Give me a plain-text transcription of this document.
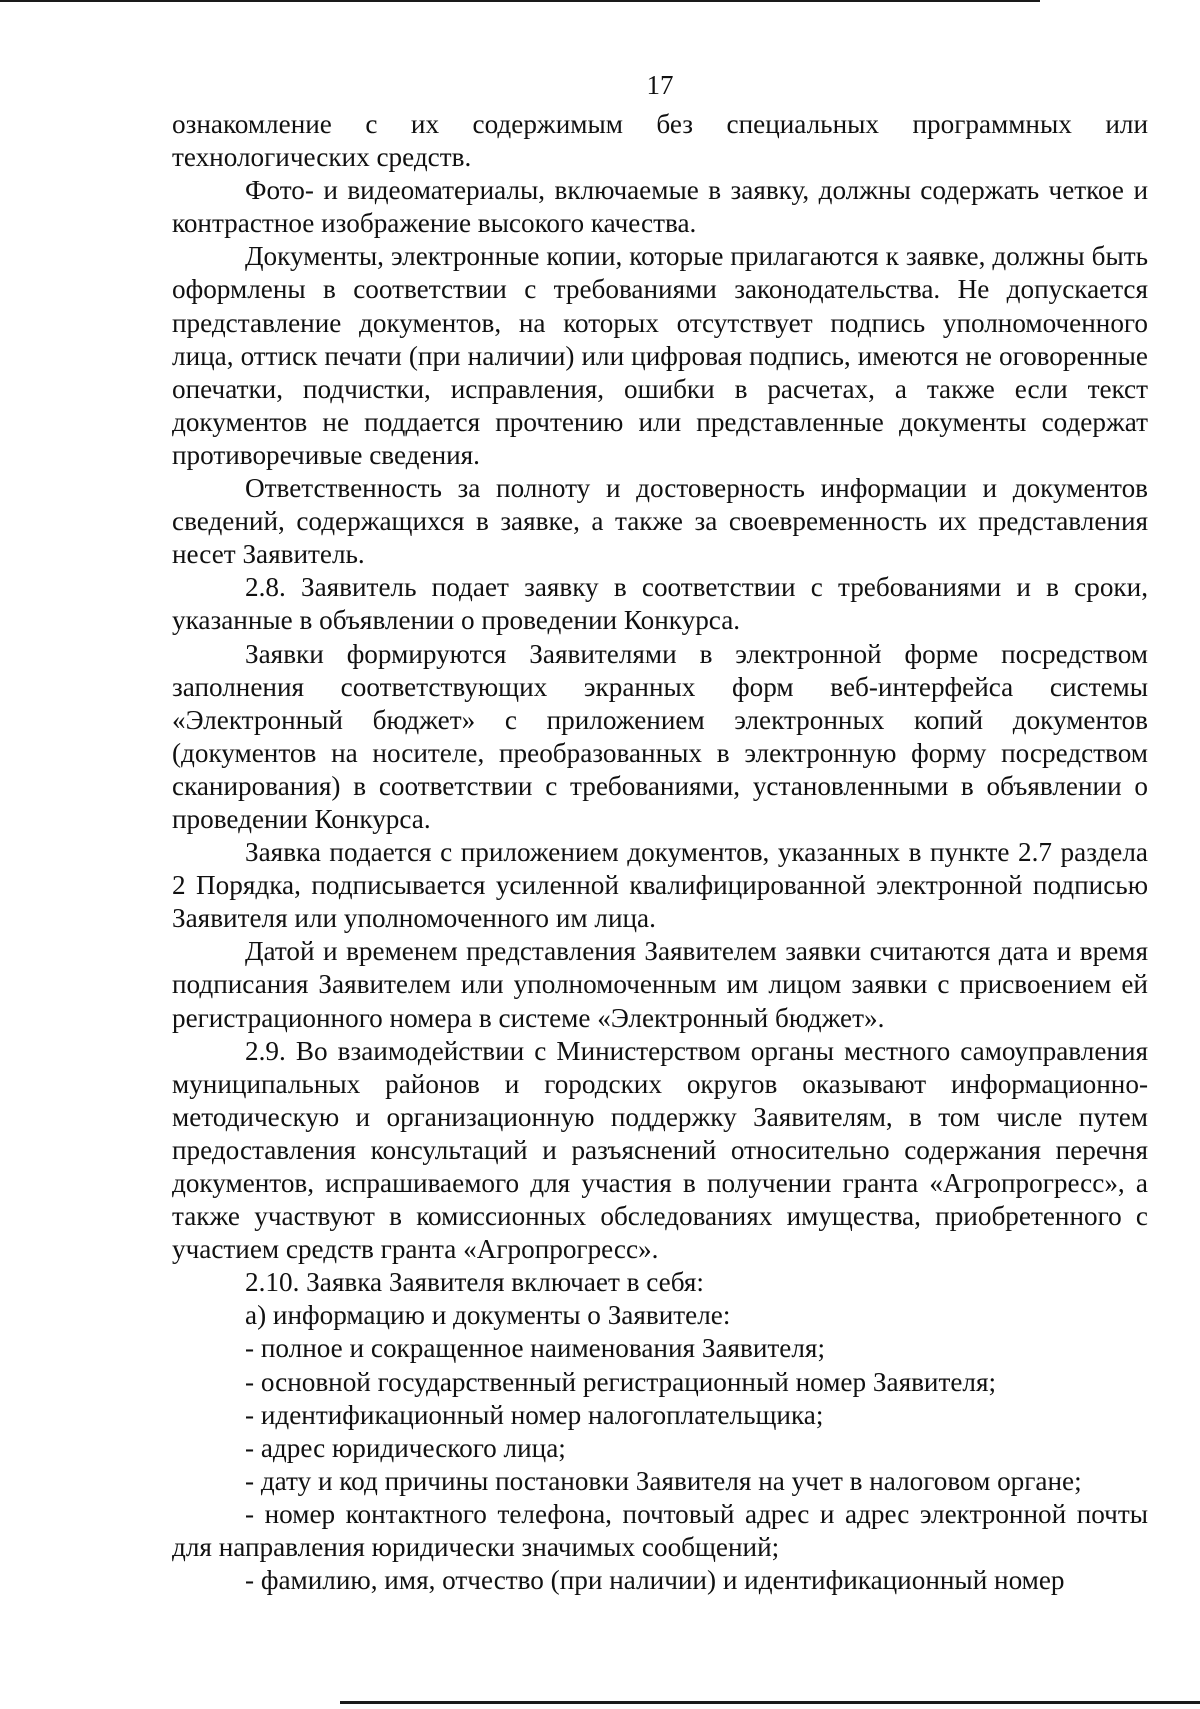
17

ознакомление с их содержимым без специальных программных или технологических средств.

Фото- и видеоматериалы, включаемые в заявку, должны содержать четкое и контрастное изображение высокого качества.

Документы, электронные копии, которые прилагаются к заявке, должны быть оформлены в соответствии с требованиями законодательства. Не допускается представление документов, на которых отсутствует подпись уполномоченного лица, оттиск печати (при наличии) или цифровая подпись, имеются не оговоренные опечатки, подчистки, исправления, ошибки в расчетах, а также если текст документов не поддается прочтению или представленные документы содержат противоречивые сведения.

Ответственность за полноту и достоверность информации и документов сведений, содержащихся в заявке, а также за своевременность их представления несет Заявитель.

2.8. Заявитель подает заявку в соответствии с требованиями и в сроки, указанные в объявлении о проведении Конкурса.

Заявки формируются Заявителями в электронной форме посредством заполнения соответствующих экранных форм веб-интерфейса системы «Электронный бюджет» с приложением электронных копий документов (документов на носителе, преобразованных в электронную форму посредством сканирования) в соответствии с требованиями, установленными в объявлении о проведении Конкурса.

Заявка подается с приложением документов, указанных в пункте 2.7 раздела 2 Порядка, подписывается усиленной квалифицированной электронной подписью Заявителя или уполномоченного им лица.

Датой и временем представления Заявителем заявки считаются дата и время подписания Заявителем или уполномоченным им лицом заявки с присвоением ей регистрационного номера в системе «Электронный бюджет».

2.9. Во взаимодействии с Министерством органы местного самоуправления муниципальных районов и городских округов оказывают информационно-методическую и организационную поддержку Заявителям, в том числе путем предоставления консультаций и разъяснений относительно содержания перечня документов, испрашиваемого для участия в получении гранта «Агропрогресс», а также участвуют в комиссионных обследованиях имущества, приобретенного с участием средств гранта «Агропрогресс».

2.10. Заявка Заявителя включает в себя:

а) информацию и документы о Заявителе:

- полное и сокращенное наименования Заявителя;

- основной государственный регистрационный номер Заявителя;

- идентификационный номер налогоплательщика;

- адрес юридического лица;

- дату и код причины постановки Заявителя на учет в налоговом органе;

- номер контактного телефона, почтовый адрес и адрес электронной почты для направления юридически значимых сообщений;

- фамилию, имя, отчество (при наличии) и идентификационный номер
